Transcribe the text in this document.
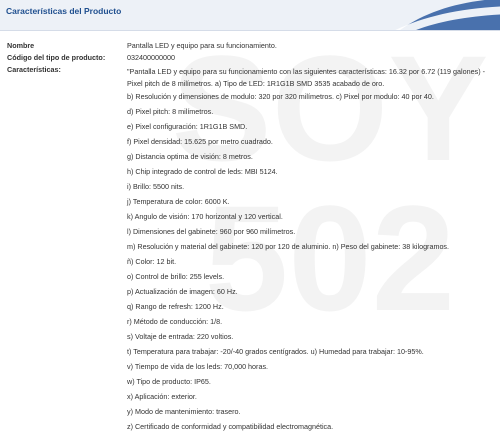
Características del Producto
Nombre
Código del tipo de producto:
Características:
Pantalla LED y equipo para su funcionamiento.
032400000000
"Pantalla LED y equipo para su funcionamiento con las siguientes características: 16.32 por 6.72 (119 galones) - Pixel pitch de 8 milímetros. a) Tipo de LED: 1R1G1B SMD 3535 acabado de oro.
b) Resolución y dimensiones de modulo: 320 por 320 milímetros. c) Pixel por modulo: 40 por 40.
d) Pixel pitch: 8 milímetros.
e) Pixel configuración: 1R1G1B SMD.
f) Pixel densidad: 15.625 por metro cuadrado.
g) Distancia optima de visión: 8 metros.
h) Chip integrado de control de leds: MBI 5124.
i) Brillo: 5500 nits.
j) Temperatura de color: 6000 K.
k) Angulo de visión: 170 horizontal y 120 vertical.
l) Dimensiones del gabinete: 960 por 960 milímetros.
m) Resolución y material del gabinete: 120 por 120 de aluminio. n) Peso del gabinete: 38 kilogramos.
ñ) Color: 12 bit.
o) Control de brillo: 255 levels.
p) Actualización de imagen: 60 Hz.
q) Rango de refresh: 1200 Hz.
r) Método de conducción: 1/8.
s) Voltaje de entrada: 220 voltios.
t) Temperatura para trabajar: -20/-40 grados centígrados. u) Humedad para trabajar: 10-95%.
v) Tiempo de vida de los leds: 70,000 horas.
w) Tipo de producto: IP65.
x) Aplicación: exterior.
y) Modo de mantenimiento: trasero.
z) Certificado de conformidad y compatibilidad electromagnética.
